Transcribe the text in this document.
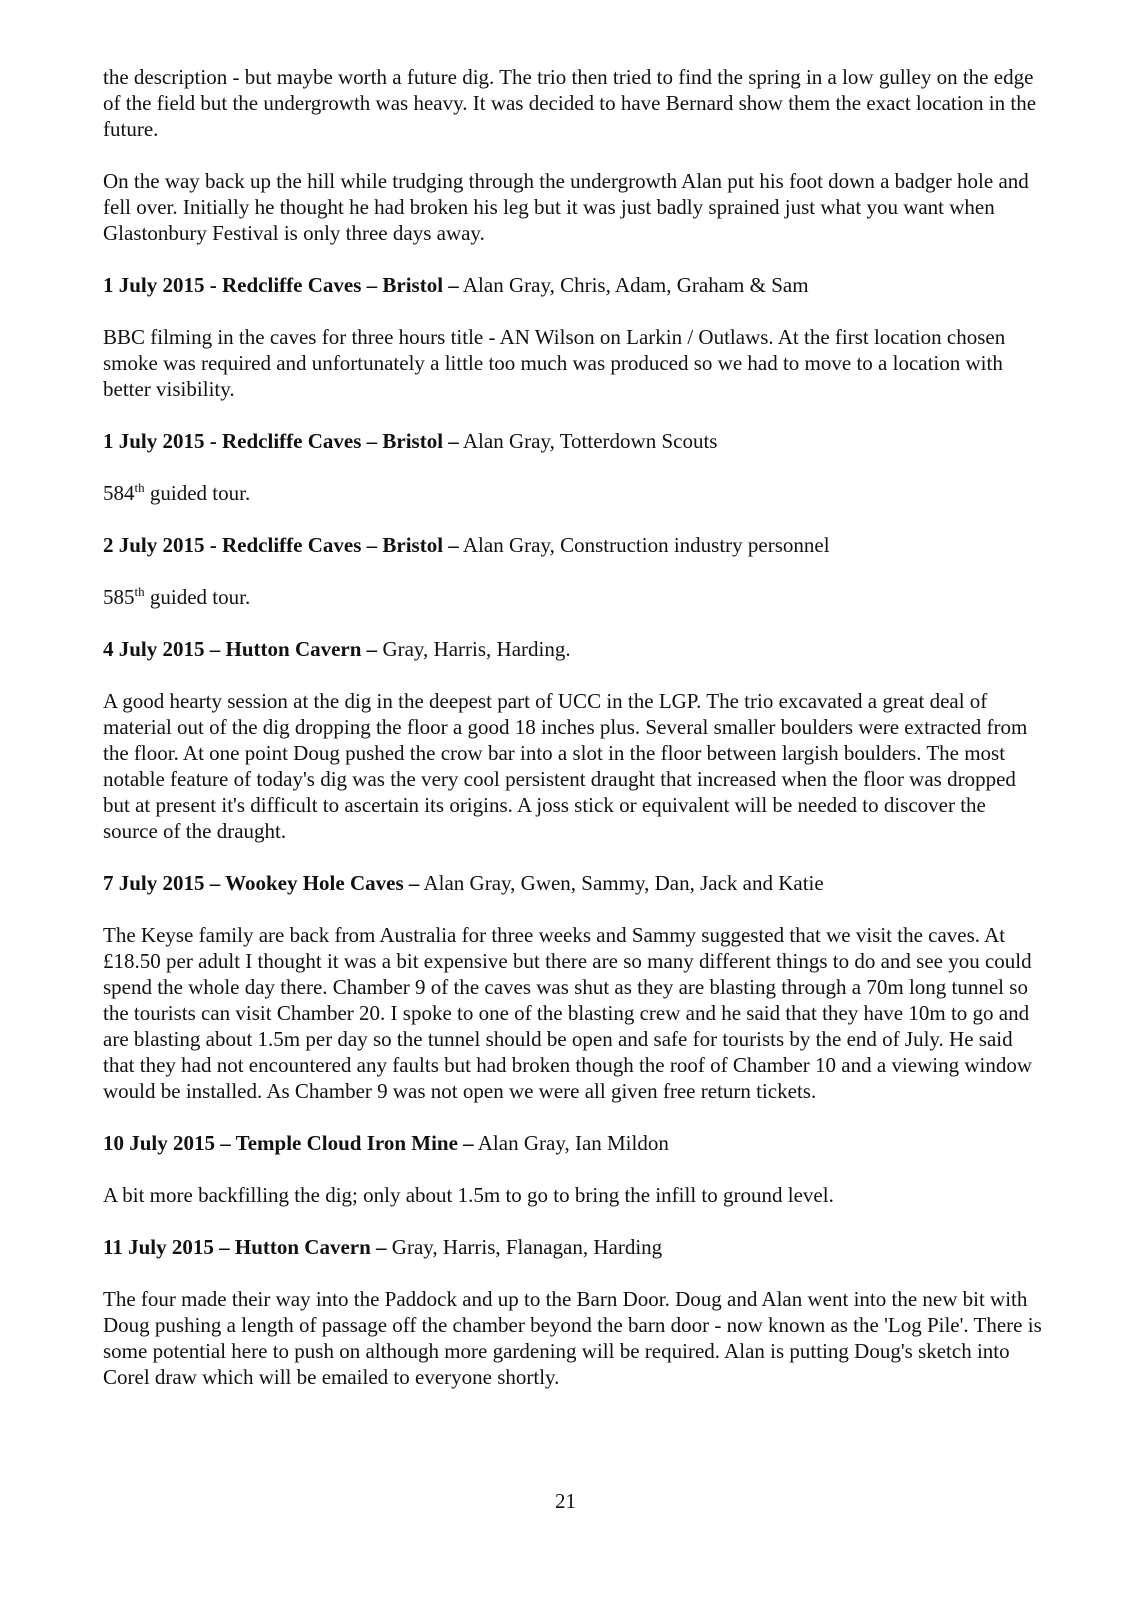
the description - but maybe worth a future dig. The trio then tried to find the spring in a low gulley on the edge of the field but the undergrowth was heavy. It was decided to have Bernard show them the exact location in the future.

On the way back up the hill while trudging through the undergrowth Alan put his foot down a badger hole and fell over. Initially he thought he had broken his leg but it was just badly sprained just what you want when Glastonbury Festival is only three days away.

1 July 2015 - Redcliffe Caves – Bristol – Alan Gray, Chris, Adam, Graham & Sam

BBC filming in the caves for three hours title - AN Wilson on Larkin / Outlaws. At the first location chosen smoke was required and unfortunately a little too much was produced so we had to move to a location with better visibility.

1 July 2015 - Redcliffe Caves – Bristol – Alan Gray, Totterdown Scouts

584th guided tour.

2 July 2015 - Redcliffe Caves – Bristol – Alan Gray, Construction industry personnel

585th guided tour.

4 July 2015 – Hutton Cavern – Gray, Harris, Harding.

A good hearty session at the dig in the deepest part of UCC in the LGP. The trio excavated a great deal of material out of the dig dropping the floor a good 18 inches plus. Several smaller boulders were extracted from the floor. At one point Doug pushed the crow bar into a slot in the floor between largish boulders. The most notable feature of today's dig was the very cool persistent draught that increased when the floor was dropped but at present it's difficult to ascertain its origins. A joss stick or equivalent will be needed to discover the source of the draught.

7 July 2015 – Wookey Hole Caves – Alan Gray, Gwen, Sammy, Dan, Jack and Katie

The Keyse family are back from Australia for three weeks and Sammy suggested that we visit the caves. At £18.50 per adult I thought it was a bit expensive but there are so many different things to do and see you could spend the whole day there. Chamber 9 of the caves was shut as they are blasting through a 70m long tunnel so the tourists can visit Chamber 20. I spoke to one of the blasting crew and he said that they have 10m to go and are blasting about 1.5m per day so the tunnel should be open and safe for tourists by the end of July. He said that they had not encountered any faults but had broken though the roof of Chamber 10 and a viewing window would be installed. As Chamber 9 was not open we were all given free return tickets.

10 July 2015 – Temple Cloud Iron Mine – Alan Gray, Ian Mildon

A bit more backfilling the dig; only about 1.5m to go to bring the infill to ground level.

11 July 2015 – Hutton Cavern – Gray, Harris, Flanagan, Harding

The four made their way into the Paddock and up to the Barn Door. Doug and Alan went into the new bit with Doug pushing a length of passage off the chamber beyond the barn door - now known as the 'Log Pile'. There is some potential here to push on although more gardening will be required. Alan is putting Doug's sketch into Corel draw which will be emailed to everyone shortly.

21
